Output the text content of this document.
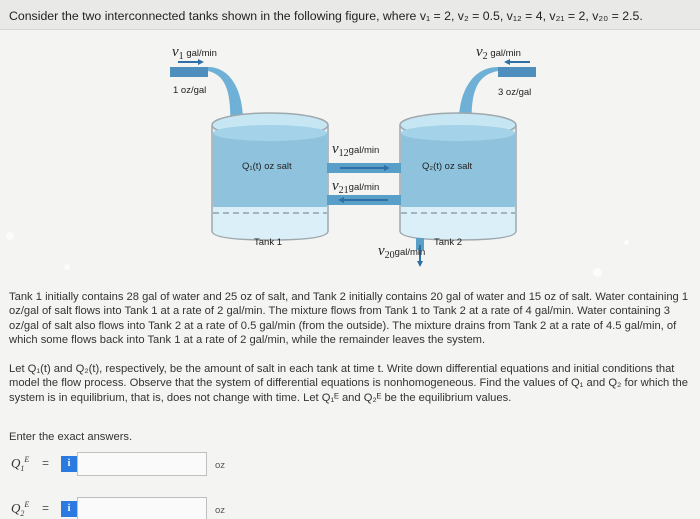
Consider the two interconnected tanks shown in the following figure, where v₁ = 2, v₂ = 0.5, v₁₂ = 4, v₂₁ = 2, v₂₀ = 2.5.
$v_1$ gal/min	$v_2$ gal/min
1 oz/gal	3 oz/gal
Q₁(t) oz salt	Q₂(t) oz salt
$v_{12}gal/\min$
$v_{21}gal/\min$
$v_{20}gal/\min$
Tank 1	Tank 2
Tank 1 initially contains 28 gal of water and 25 oz of salt, and Tank 2 initially contains 20 gal of water and 15 oz of salt. Water containing 1 oz/gal of salt flows into Tank 1 at a rate of 2 gal/min. The mixture flows from Tank 1 to Tank 2 at a rate of 4 gal/min. Water containing 3 oz/gal of salt also flows into Tank 2 at a rate of 0.5 gal/min (from the outside). The mixture drains from Tank 2 at a rate of 4.5 gal/min, of which some flows back into Tank 1 at a rate of 2 gal/min, while the remainder leaves the system.
Let Q₁(t) and Q₂(t), respectively, be the amount of salt in each tank at time t. Write down differential equations and initial conditions that model the flow process. Observe that the system of differential equations is nonhomogeneous. Find the values of Q₁ and Q₂ for which the system is in equilibrium, that is, does not change with time. Let Q₁ᴱ and Q₂ᴱ be the equilibrium values.
Enter the exact answers.
$Q_1^E$ =	i	oz
$Q_2^E$ =	i	oz
